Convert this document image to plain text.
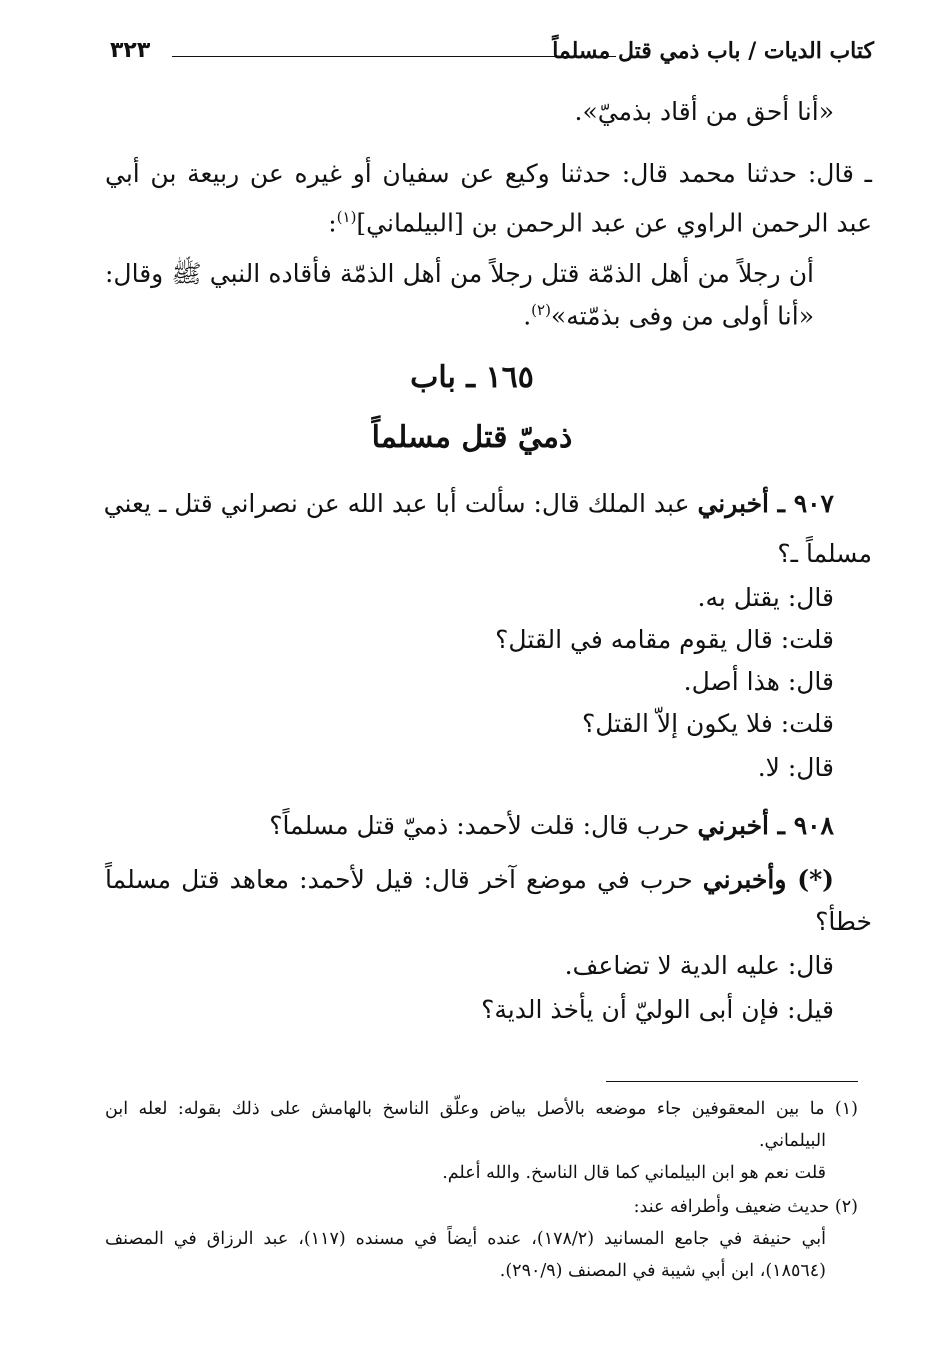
٣٢٣	كتاب الديات / باب ذمي قتل مسلماً
«أنا أحق من أقاد بذميّ».
ـ قال: حدثنا محمد قال: حدثنا وكيع عن سفيان أو غيره عن ربيعة بن أبي
عبد الرحمن الراوي عن عبد الرحمن بن [البيلماني]$^{(١)}$:
أن رجلاً من أهل الذمّة قتل رجلاً من أهل الذمّة فأقاده النبي ﷺ وقال:
«أنا أولى من وفى بذمّته»$^{(٢)}$.
١٦٥ ـ باب
ذميّ قتل مسلماً
٩٠٧ ـ أخبرني عبد الملك قال: سألت أبا عبد الله عن نصراني قتل ـ يعني
مسلماً ـ؟
قال: يقتل به.
قلت: قال يقوم مقامه في القتل؟
قال: هذا أصل.
قلت: فلا يكون إلاّ القتل؟
قال: لا.
٩٠٨ ـ أخبرني حرب قال: قلت لأحمد: ذميّ قتل مسلماً؟
(*) وأخبرني حرب في موضع آخر قال: قيل لأحمد: معاهد قتل مسلماً
خطأ؟
قال: عليه الدية لا تضاعف.
قيل: فإن أبى الوليّ أن يأخذ الدية؟
(١) ما بين المعقوفين جاء موضعه بالأصل بياض وعلّق الناسخ بالهامش على ذلك بقوله: لعله ابن
البيلماني.
قلت نعم هو ابن البيلماني كما قال الناسخ. والله أعلم.
(٢) حديث ضعيف وأطرافه عند:
أبي حنيفة في جامع المسانيد (١٧٨/٢)، عنده أيضاً في مسنده (١١٧)، عبد الرزاق في المصنف
(١٨٥٦٤)، ابن أبي شيبة في المصنف (٢٩٠/٩).
